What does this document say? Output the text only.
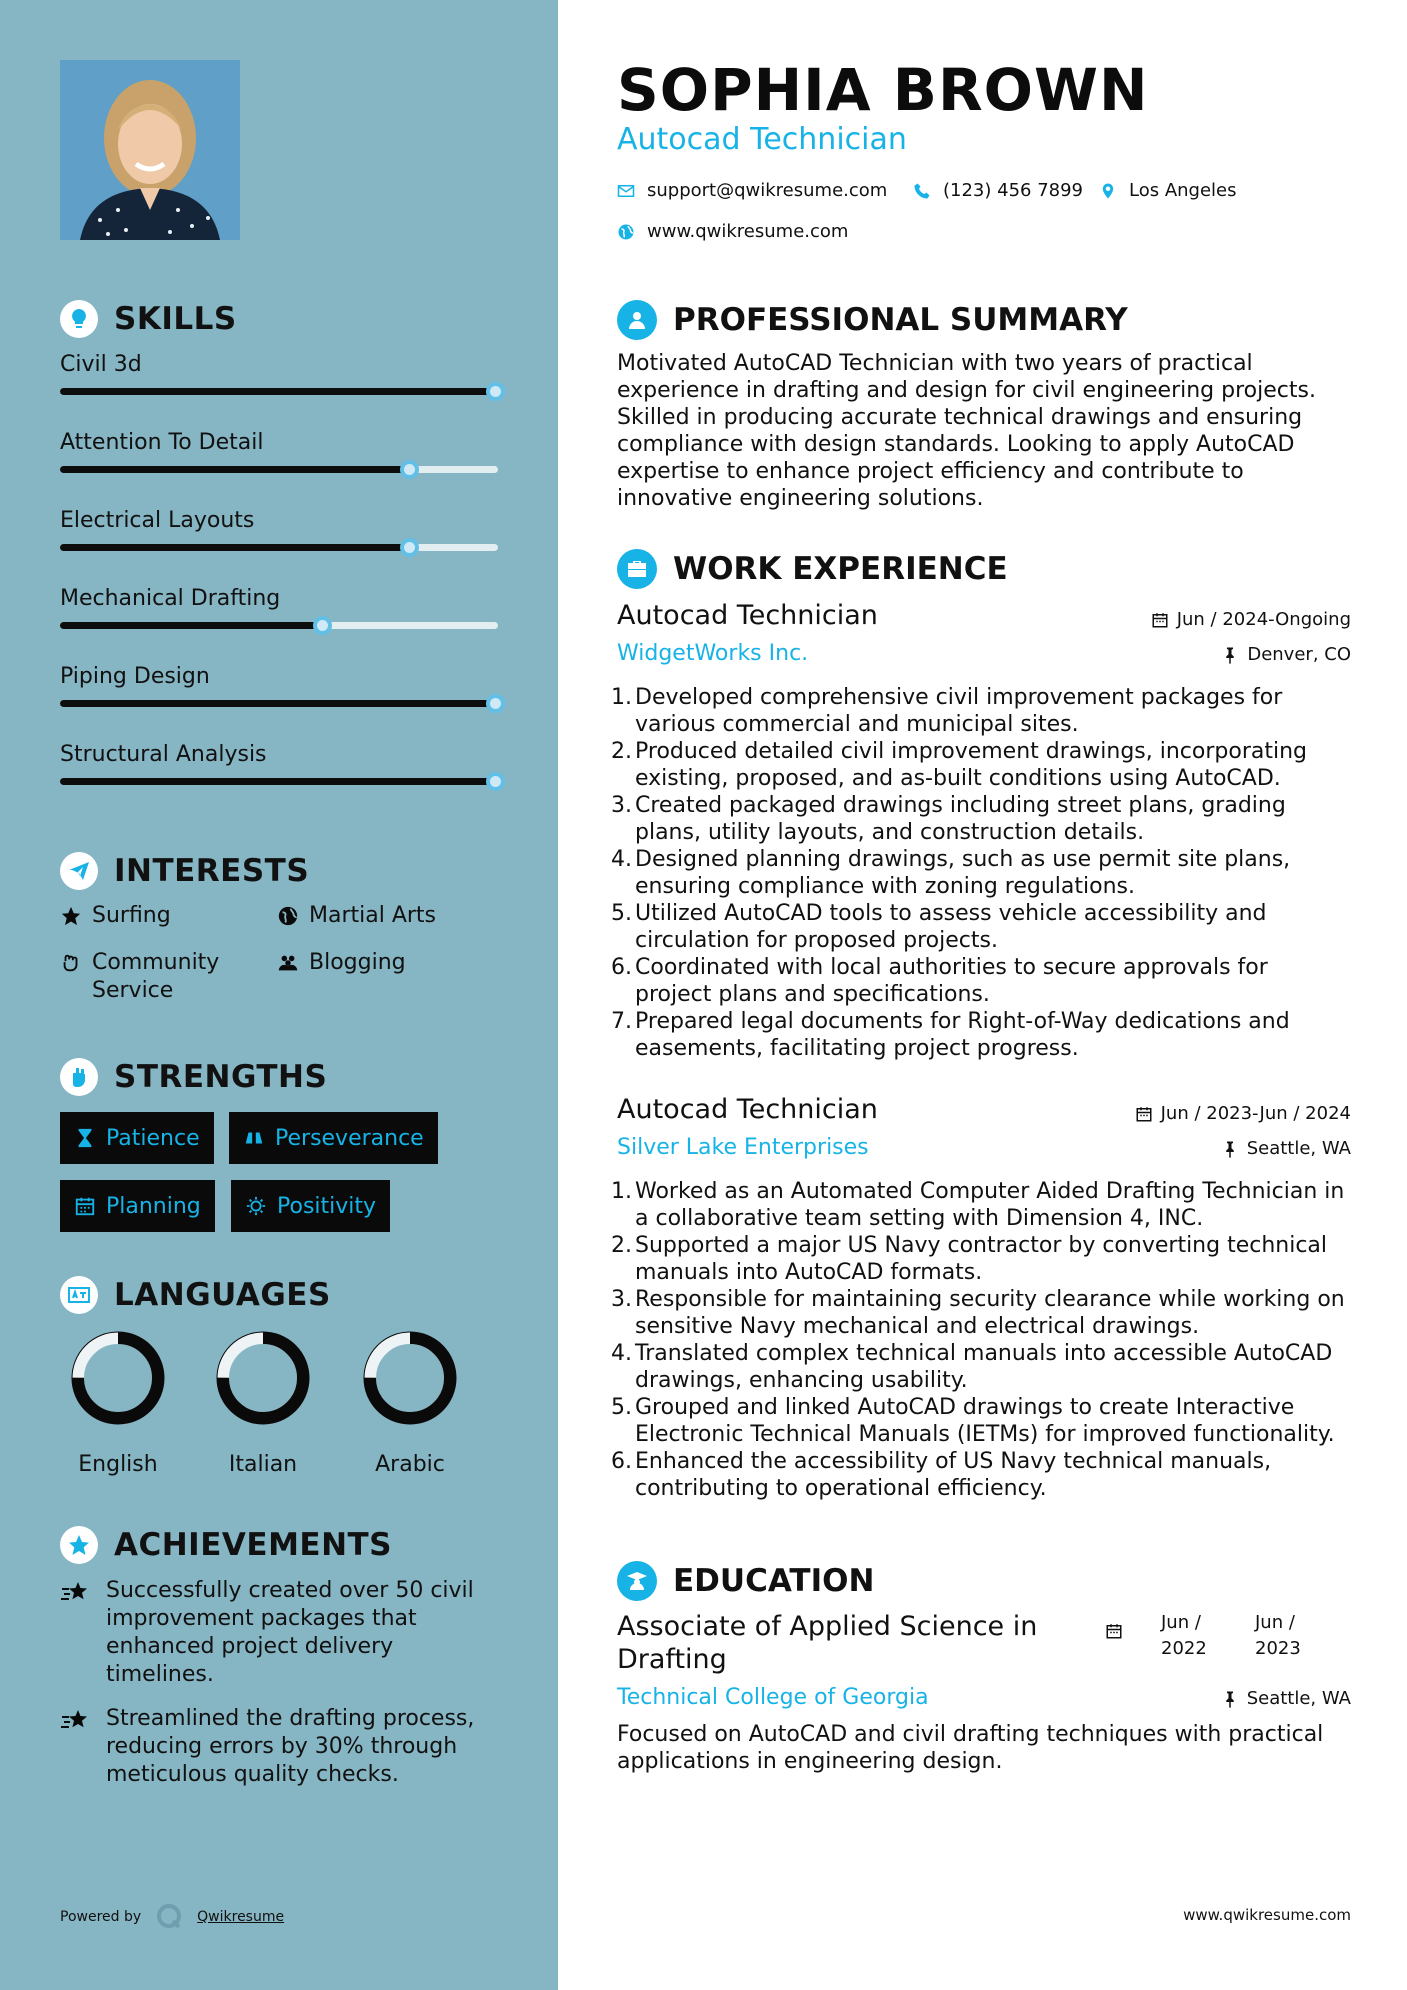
SKILLS
Civil 3d
Attention To Detail
Electrical Layouts
Mechanical Drafting
Piping Design
Structural Analysis
INTERESTS
Surfing	Martial Arts
Community Service
Blogging
STRENGTHS
Patience	Perseverance
Planning	Positivity
LANGUAGES
English	Italian	Arabic
ACHIEVEMENTS
Successfully created over 50 civil improvement packages that enhanced project delivery timelines.
Streamlined the drafting process, reducing errors by 30% through meticulous quality checks.
Powered by	Qwikresume
SOPHIA BROWN
Autocad Technician
support@qwikresume.com	(123) 456 7899	Los Angeles
www.qwikresume.com
PROFESSIONAL SUMMARY
Motivated AutoCAD Technician with two years of practical experience in drafting and design for civil engineering projects. Skilled in producing accurate technical drawings and ensuring compliance with design standards. Looking to apply AutoCAD expertise to enhance project efficiency and contribute to innovative engineering solutions.
WORK EXPERIENCE
Autocad Technician	Jun / 2024-Ongoing
WidgetWorks Inc.	Denver, CO
1. Developed comprehensive civil improvement packages for various commercial and municipal sites.
2. Produced detailed civil improvement drawings, incorporating existing, proposed, and as-built conditions using AutoCAD.
3. Created packaged drawings including street plans, grading plans, utility layouts, and construction details.
4. Designed planning drawings, such as use permit site plans, ensuring compliance with zoning regulations.
5. Utilized AutoCAD tools to assess vehicle accessibility and circulation for proposed projects.
6. Coordinated with local authorities to secure approvals for project plans and specifications.
7. Prepared legal documents for Right-of-Way dedications and easements, facilitating project progress.
Autocad Technician	Jun / 2023-Jun / 2024
Silver Lake Enterprises	Seattle, WA
1. Worked as an Automated Computer Aided Drafting Technician in a collaborative team setting with Dimension 4, INC.
2. Supported a major US Navy contractor by converting technical manuals into AutoCAD formats.
3. Responsible for maintaining security clearance while working on sensitive Navy mechanical and electrical drawings.
4. Translated complex technical manuals into accessible AutoCAD drawings, enhancing usability.
5. Grouped and linked AutoCAD drawings to create Interactive Electronic Technical Manuals (IETMs) for improved functionality.
6. Enhanced the accessibility of US Navy technical manuals, contributing to operational efficiency.
EDUCATION
Associate of Applied Science in Drafting
Jun / 2022
Jun / 2023
Technical College of Georgia	Seattle, WA
Focused on AutoCAD and civil drafting techniques with practical applications in engineering design.
www.qwikresume.com
